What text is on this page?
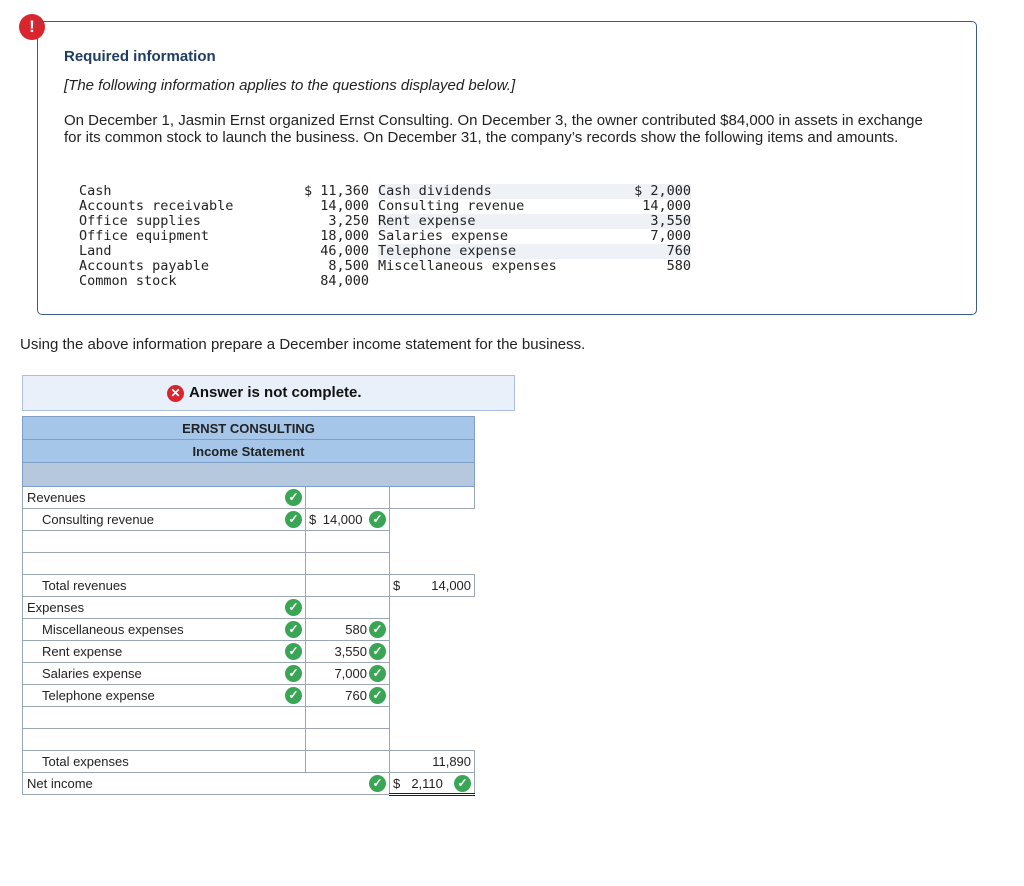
!
Required information
[The following information applies to the questions displayed below.]
On December 1, Jasmin Ernst organized Ernst Consulting. On December 3, the owner contributed $84,000 in assets in exchange for its common stock to launch the business. On December 31, the company’s records show the following items and amounts.
Cash	$ 11,360
Accounts receivable	14,000
Office supplies	3,250
Office equipment	18,000
Land	46,000
Accounts payable	8,500
Common stock	84,000
Cash dividends	$ 2,000
Consulting revenue	14,000
Rent expense	3,550
Salaries expense	7,000
Telephone expense	760
Miscellaneous expenses	580
Using the above information prepare a December income statement for the business.
✕ Answer is not complete.
ERNST CONSULTING		
Income Statement		

Revenues ✓		

Consulting revenue ✓	$ 14,000 ✓	

Total revenues		$ 14,000

Expenses ✓		

Miscellaneous expenses ✓	580 ✓	

Rent expense ✓	3,550 ✓	

Salaries expense ✓	7,000 ✓	

Telephone expense ✓	760 ✓	

Total expenses		11,890

Net income ✓		$ 2,110 ✓
